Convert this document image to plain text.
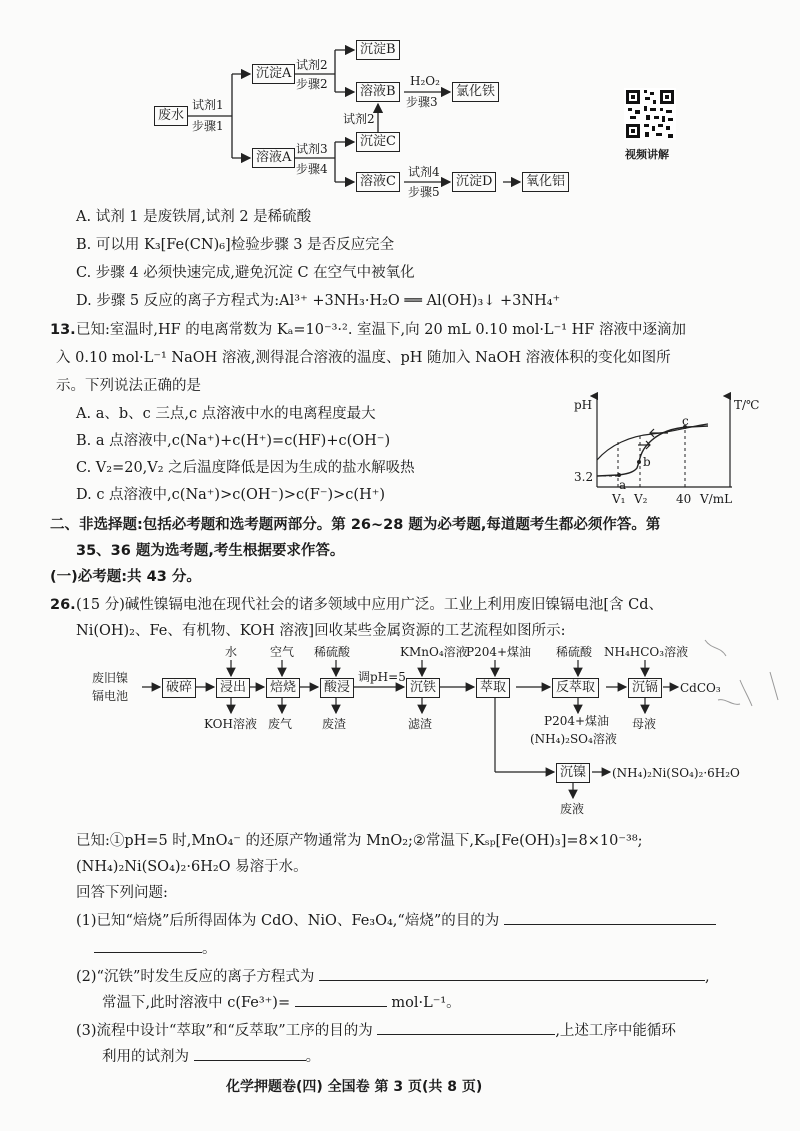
废水
试剂1
步骤1
沉淀A
溶液A
试剂2
步骤2
沉淀B
溶液B
H₂O₂
步骤3
氯化铁
试剂2
沉淀C
试剂3
步骤4
溶液C
试剂4
步骤5
沉淀D	氧化铝
视频讲解
A. 试剂 1 是废铁屑,试剂 2 是稀硫酸
B. 可以用 K₃[Fe(CN)₆]检验步骤 3 是否反应完全
C. 步骤 4 必须快速完成,避免沉淀 C 在空气中被氧化
D. 步骤 5 反应的离子方程式为:Al³⁺ +3NH₃·H₂O ══ Al(OH)₃↓ +3NH₄⁺
13. 已知:室温时,HF 的电离常数为 Kₐ=10⁻³·². 室温下,向 20 mL 0.10 mol·L⁻¹ HF 溶液中逐滴加
入 0.10 mol·L⁻¹ NaOH 溶液,测得混合溶液的温度、pH 随加入 NaOH 溶液体积的变化如图所
示。下列说法正确的是
A. a、b、c 三点,c 点溶液中水的电离程度最大
B. a 点溶液中,c(Na⁺)+c(H⁺)=c(HF)+c(OH⁻)
C. V₂=20,V₂ 之后温度降低是因为生成的盐水解吸热
D. c 点溶液中,c(Na⁺)>c(OH⁻)>c(F⁻)>c(H⁺)
pH	T/℃
3.2
V₁ V₂ 40 V/mL
a
b
c
二、非选择题:包括必考题和选考题两部分。第 26~28 题为必考题,每道题考生都必须作答。第
35、36 题为选考题,考生根据要求作答。
(一)必考题:共 43 分。
26. (15 分)碱性镍镉电池在现代社会的诸多领域中应用广泛。工业上利用废旧镍镉电池[含 Cd、
Ni(OH)₂、Fe、有机物、KOH 溶液]回收某些金属资源的工艺流程如图所示:
废旧镍
镉电池
破碎	浸出	焙烧	酸浸	沉铁	萃取	反萃取	沉镉	CdCO₃
水	空气 稀硫酸	KMnO₄溶液
P204+煤油 稀硫酸 NH₄HCO₃溶液
调pH=5
KOH溶液 废气 废渣	滤渣	P204+煤油
(NH₄)₂SO₄溶液
母液
沉镍	(NH₄)₂Ni(SO₄)₂·6H₂O
废液
已知:①pH=5 时,MnO₄⁻ 的还原产物通常为 MnO₂;②常温下,Kₛₚ[Fe(OH)₃]=8×10⁻³⁸;
(NH₄)₂Ni(SO₄)₂·6H₂O 易溶于水。
回答下列问题:
(1)已知“焙烧”后所得固体为 CdO、NiO、Fe₃O₄,“焙烧”的目的为
。
(2)“沉铁”时发生反应的离子方程式为	,
常温下,此时溶液中 c(Fe³⁺)=	mol·L⁻¹。
(3)流程中设计“萃取”和“反萃取”工序的目的为	,上述工序中能循环
利用的试剂为	。
化学押题卷(四) 全国卷 第 3 页(共 8 页)
